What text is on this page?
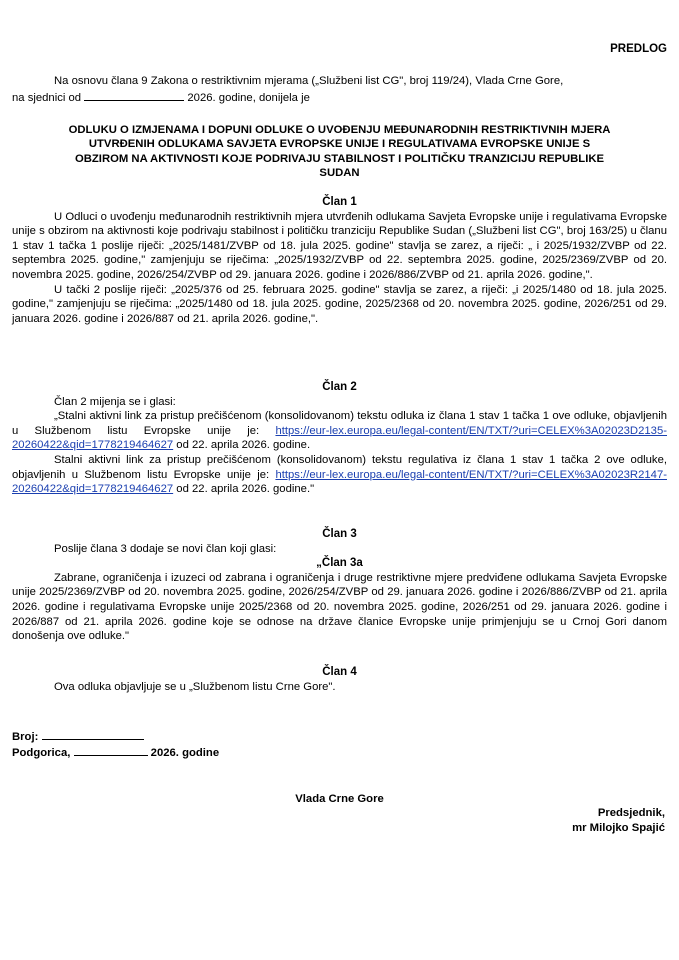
PREDLOG

Na osnovu člana 9 Zakona o restriktivnim mjerama („Službeni list CG", broj 119/24), Vlada Crne Gore,

na sjednici od	2026. godine, donijela je

ODLUKU O IZMJENAMA I DOPUNI ODLUKE O UVOĐENJU MEĐUNARODNIH RESTRIKTIVNIH MJERA
UTVRĐENIH ODLUKAMA SAVJETA EVROPSKE UNIJE I REGULATIVAMA EVROPSKE UNIJE S
OBZIROM NA AKTIVNOSTI KOJE PODRIVAJU STABILNOST I POLITIČKU TRANZICIJU REPUBLIKE
SUDAN
Član 1

U Odluci o uvođenju međunarodnih restriktivnih mjera utvrđenih odlukama Savjeta Evropske unije i regulativama Evropske unije s obzirom na aktivnosti koje podrivaju stabilnost i političku tranziciju Republike Sudan („Službeni list CG", broj 163/25) u članu 1 stav 1 tačka 1 poslije riječi: „2025/1481/ZVBP od 18. jula 2025. godine" stavlja se zarez, a riječi: „ i 2025/1932/ZVBP od 22. septembra 2025. godine," zamjenjuju se riječima: „2025/1932/ZVBP od 22. septembra 2025. godine, 2025/2369/ZVBP od 20. novembra 2025. godine, 2026/254/ZVBP od 29. januara 2026. godine i 2026/886/ZVBP od 21. aprila 2026. godine,".

U tački 2 poslije riječi: „2025/376 od 25. februara 2025. godine" stavlja se zarez, a riječi: „i 2025/1480 od 18. jula 2025. godine," zamjenjuju se riječima: „2025/1480 od 18. jula 2025. godine, 2025/2368 od 20. novembra 2025. godine, 2026/251 od 29. januara 2026. godine i 2026/887 od 21. aprila 2026. godine,".

Član 2

Član 2 mijenja se i glasi:

„Stalni aktivni link za pristup prečišćenom (konsolidovanom) tekstu odluka iz člana 1 stav 1 tačka 1 ove odluke, objavljenih u Službenom listu Evropske unije je: https://eur-lex.europa.eu/legal-content/EN/TXT/?uri=CELEX%3A02023D2135-20260422&qid=1778219464627 od 22. aprila 2026. godine.

Stalni aktivni link za pristup prečišćenom (konsolidovanom) tekstu regulativa iz člana 1 stav 1 tačka 2 ove odluke, objavljenih u Službenom listu Evropske unije je: https://eur-lex.europa.eu/legal-content/EN/TXT/?uri=CELEX%3A02023R2147-20260422&qid=1778219464627 od 22. aprila 2026. godine."

Član 3

Poslije člana 3 dodaje se novi član koji glasi:

„Član 3a

Zabrane, ograničenja i izuzeci od zabrana i ograničenja i druge restriktivne mjere predviđene odlukama Savjeta Evropske unije 2025/2369/ZVBP od 20. novembra 2025. godine, 2026/254/ZVBP od 29. januara 2026. godine i 2026/886/ZVBP od 21. aprila 2026. godine i regulativama Evropske unije 2025/2368 od 20. novembra 2025. godine, 2026/251 od 29. januara 2026. godine i 2026/887 od 21. aprila 2026. godine koje se odnose na države članice Evropske unije primjenjuju se u Crnoj Gori danom donošenja ove odluke."

Član 4

Ova odluka objavljuje se u „Službenom listu Crne Gore".

Broj:
Podgorica,	2026. godine
Vlada Crne Gore
Predsjednik,
mr Milojko Spajić
